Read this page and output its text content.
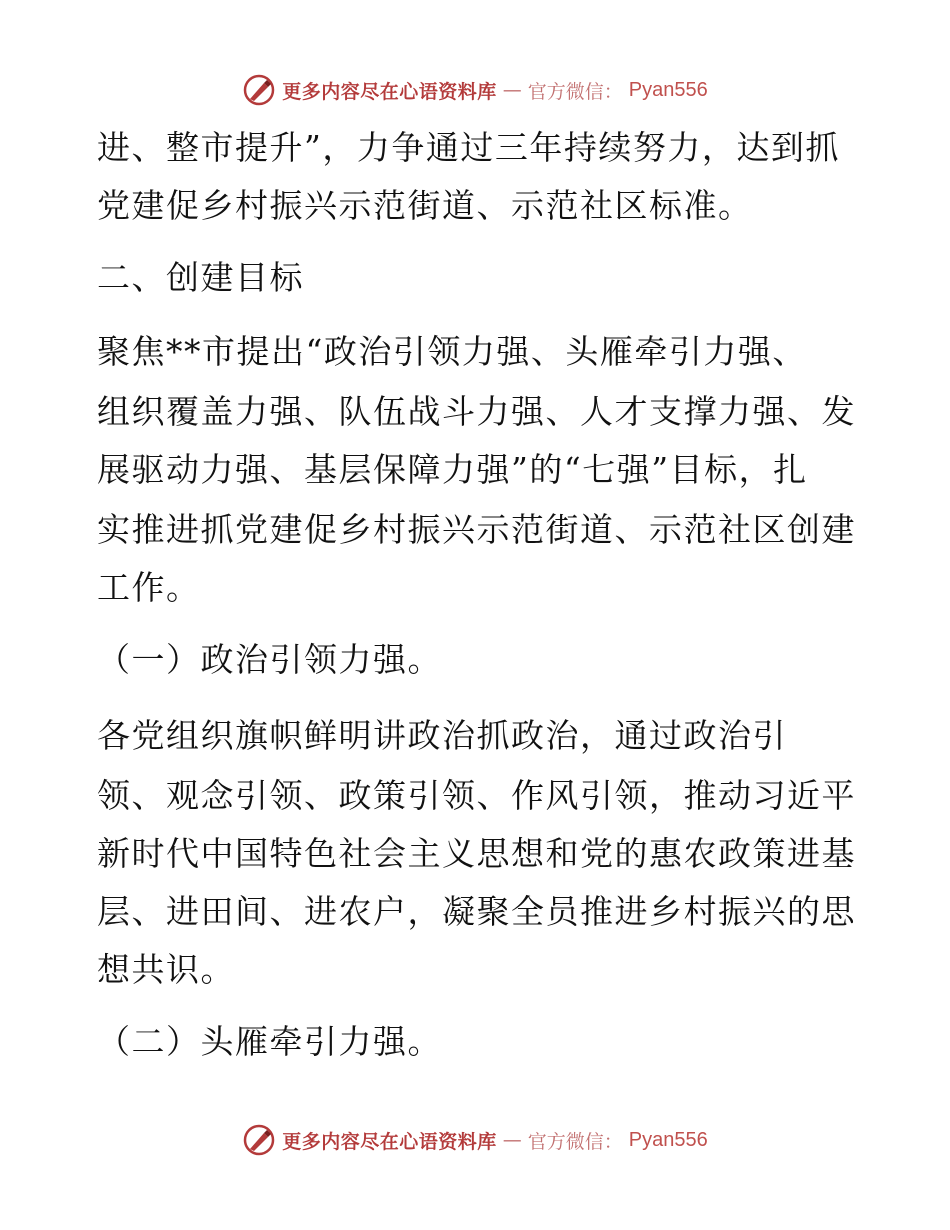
更多内容尽在心语资料库 — 官方微信： Pyan556
进、整市提升”，力争通过三年持续努力，达到抓
党建促乡村振兴示范街道、示范社区标准。
二、创建目标
聚焦**市提出“政治引领力强、头雁牵引力强、
组织覆盖力强、队伍战斗力强、人才支撑力强、发
展驱动力强、基层保障力强”的“七强”目标，扎
实推进抓党建促乡村振兴示范街道、示范社区创建
工作。
（一）政治引领力强。
各党组织旗帜鲜明讲政治抓政治，通过政治引
领、观念引领、政策引领、作风引领，推动习近平
新时代中国特色社会主义思想和党的惠农政策进基
层、进田间、进农户，凝聚全员推进乡村振兴的思
想共识。
（二）头雁牵引力强。
更多内容尽在心语资料库 — 官方微信： Pyan556
